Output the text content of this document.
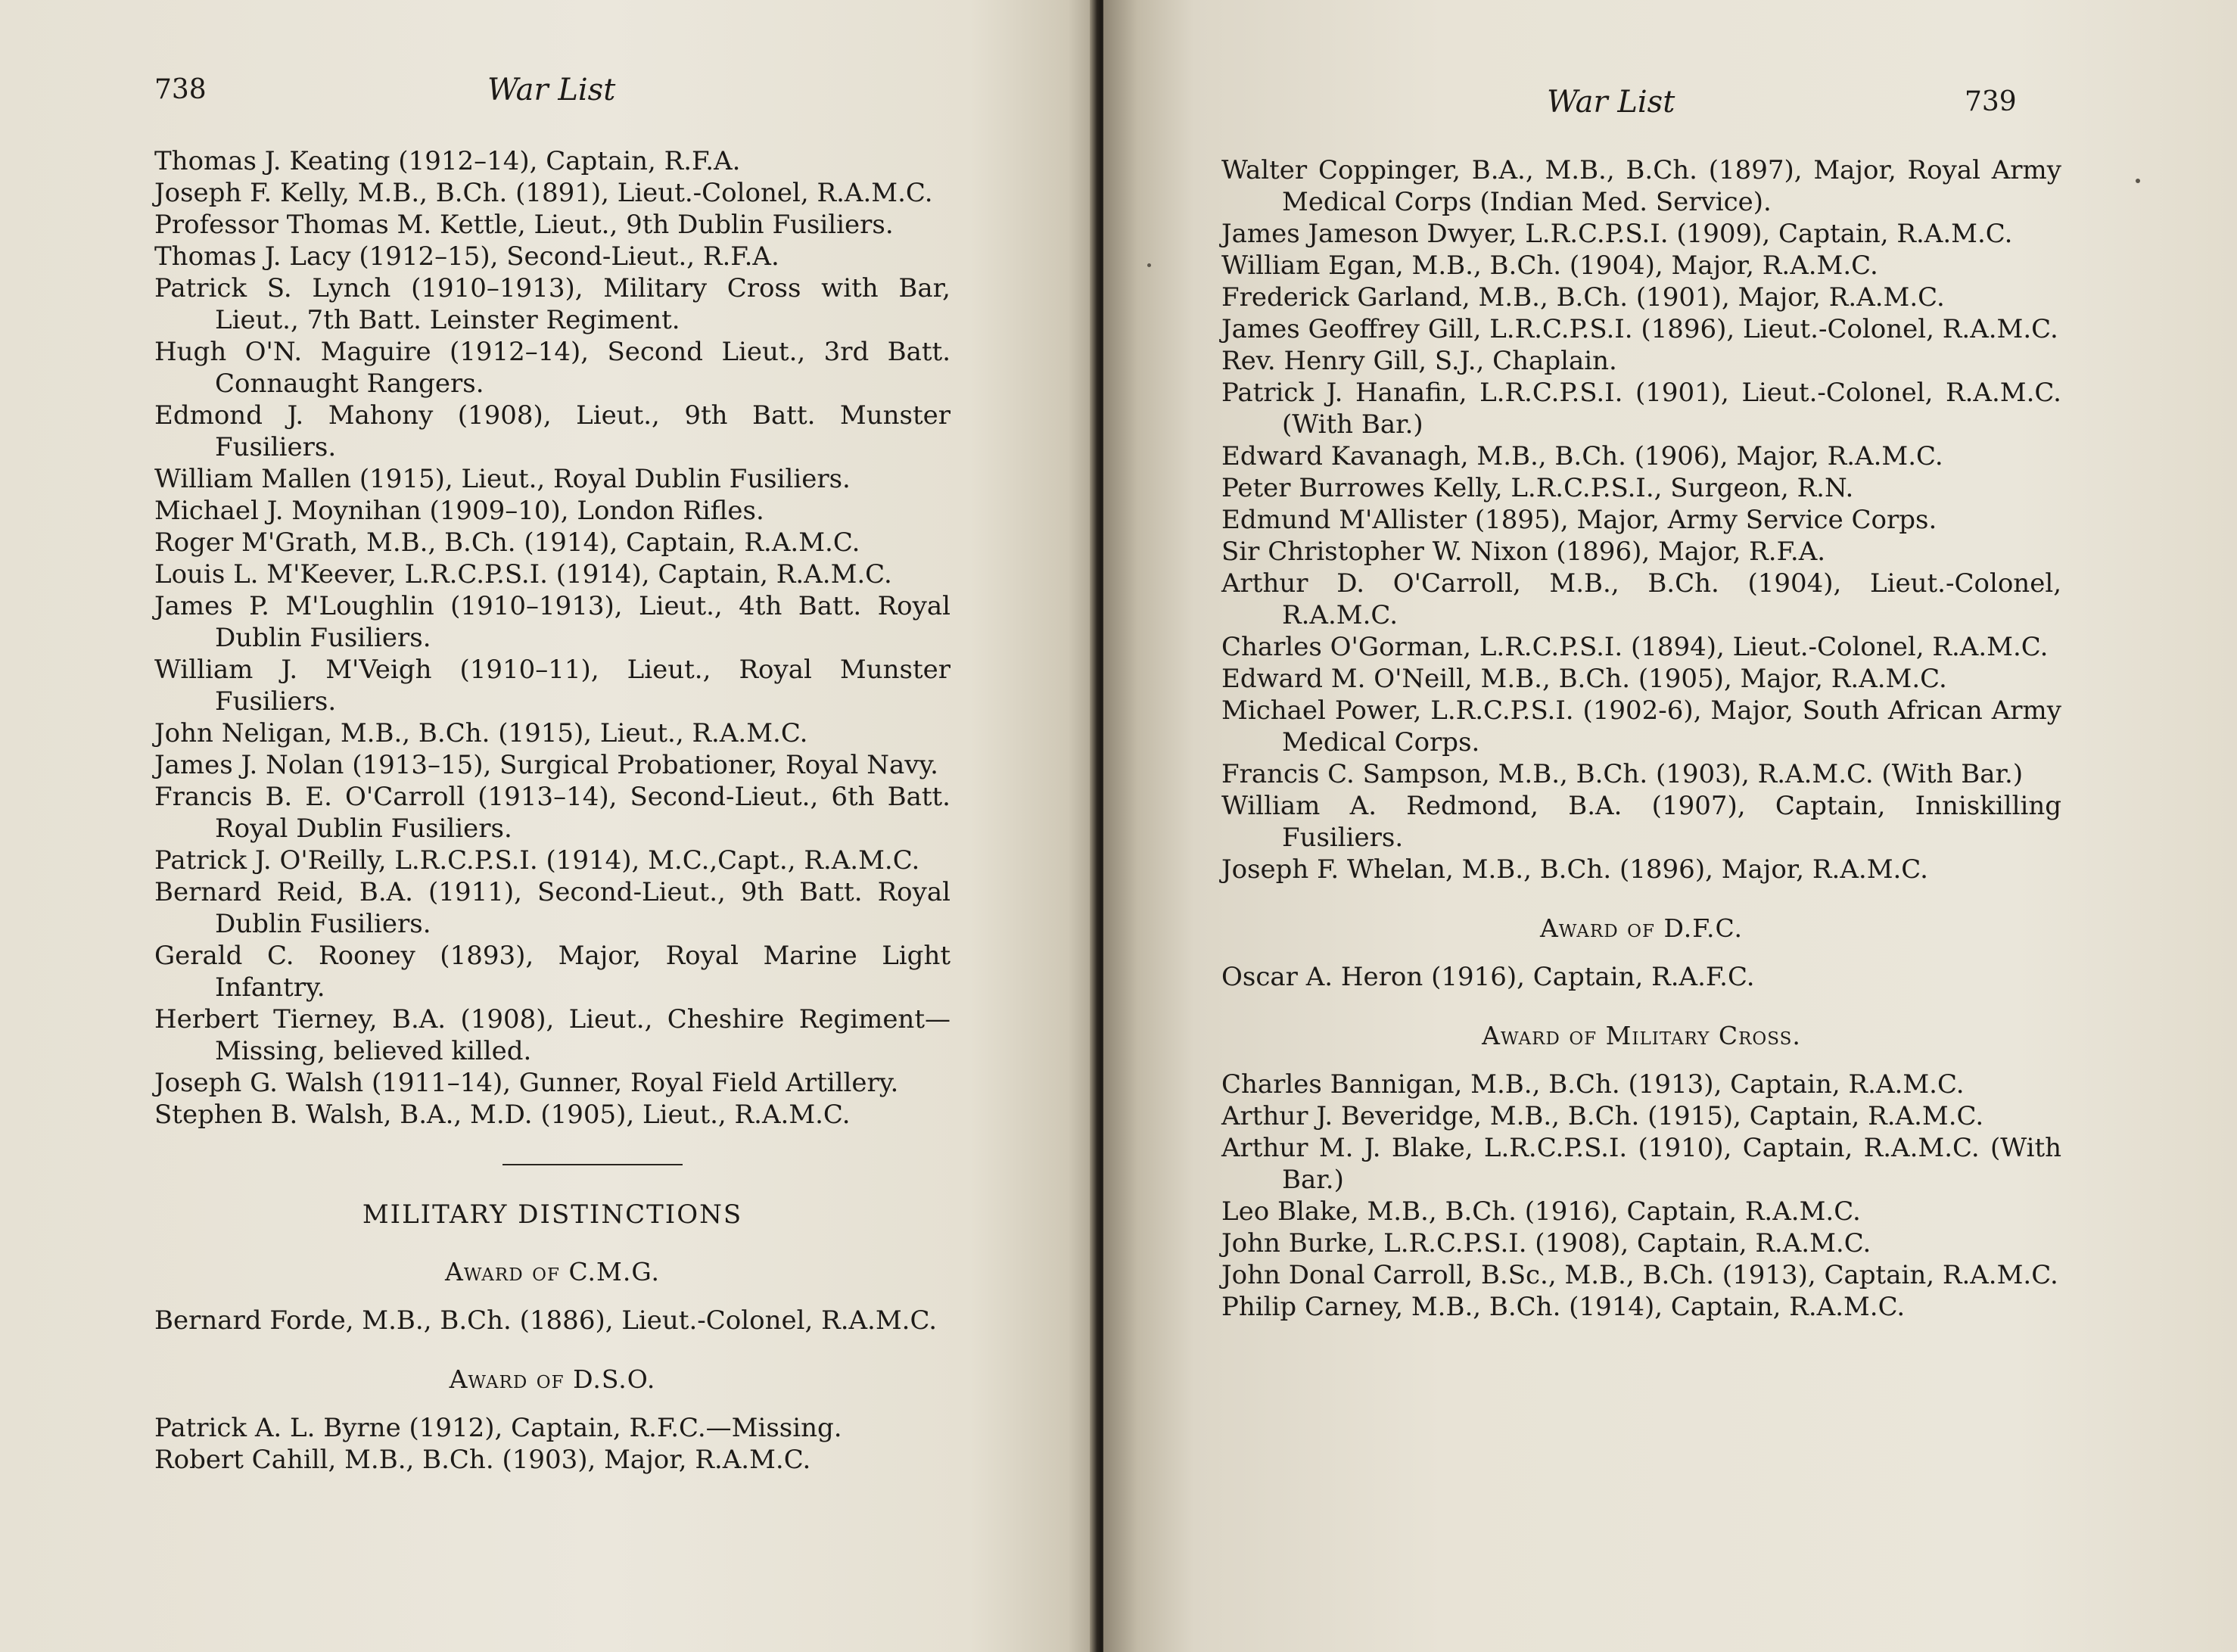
738	War List
Thomas J. Keating (1912–14), Captain, R.F.A.
Joseph F. Kelly, M.B., B.Ch. (1891), Lieut.-Colonel, R.A.M.C.
Professor Thomas M. Kettle, Lieut., 9th Dublin Fusiliers.
Thomas J. Lacy (1912–15), Second-Lieut., R.F.A.
Patrick S. Lynch (1910–1913), Military Cross with Bar, Lieut., 7th Batt. Leinster Regiment.
Hugh O'N. Maguire (1912–14), Second Lieut., 3rd Batt. Connaught Rangers.
Edmond J. Mahony (1908), Lieut., 9th Batt. Munster Fusiliers.
William Mallen (1915), Lieut., Royal Dublin Fusiliers.
Michael J. Moynihan (1909–10), London Rifles.
Roger M'Grath, M.B., B.Ch. (1914), Captain, R.A.M.C.
Louis L. M'Keever, L.R.C.P.S.I. (1914), Captain, R.A.M.C.
James P. M'Loughlin (1910–1913), Lieut., 4th Batt. Royal Dublin Fusiliers.
William J. M'Veigh (1910–11), Lieut., Royal Munster Fusiliers.
John Neligan, M.B., B.Ch. (1915), Lieut., R.A.M.C.
James J. Nolan (1913–15), Surgical Probationer, Royal Navy.
Francis B. E. O'Carroll (1913–14), Second-Lieut., 6th Batt. Royal Dublin Fusiliers.
Patrick J. O'Reilly, L.R.C.P.S.I. (1914), M.C.,Capt., R.A.M.C.
Bernard Reid, B.A. (1911), Second-Lieut., 9th Batt. Royal Dublin Fusiliers.
Gerald C. Rooney (1893), Major, Royal Marine Light Infantry.
Herbert Tierney, B.A. (1908), Lieut., Cheshire Regiment—Missing, believed killed.
Joseph G. Walsh (1911–14), Gunner, Royal Field Artillery.
Stephen B. Walsh, B.A., M.D. (1905), Lieut., R.A.M.C.
MILITARY DISTINCTIONS
Award of C.M.G.
Bernard Forde, M.B., B.Ch. (1886), Lieut.-Colonel, R.A.M.C.
Award of D.S.O.
Patrick A. L. Byrne (1912), Captain, R.F.C.—Missing.
Robert Cahill, M.B., B.Ch. (1903), Major, R.A.M.C.
War List	739
Walter Coppinger, B.A., M.B., B.Ch. (1897), Major, Royal Army Medical Corps (Indian Med. Service).
James Jameson Dwyer, L.R.C.P.S.I. (1909), Captain, R.A.M.C.
William Egan, M.B., B.Ch. (1904), Major, R.A.M.C.
Frederick Garland, M.B., B.Ch. (1901), Major, R.A.M.C.
James Geoffrey Gill, L.R.C.P.S.I. (1896), Lieut.-Colonel, R.A.M.C.
Rev. Henry Gill, S.J., Chaplain.
Patrick J. Hanafin, L.R.C.P.S.I. (1901), Lieut.-Colonel, R.A.M.C. (With Bar.)
Edward Kavanagh, M.B., B.Ch. (1906), Major, R.A.M.C.
Peter Burrowes Kelly, L.R.C.P.S.I., Surgeon, R.N.
Edmund M'Allister (1895), Major, Army Service Corps.
Sir Christopher W. Nixon (1896), Major, R.F.A.
Arthur D. O'Carroll, M.B., B.Ch. (1904), Lieut.-Colonel, R.A.M.C.
Charles O'Gorman, L.R.C.P.S.I. (1894), Lieut.-Colonel, R.A.M.C.
Edward M. O'Neill, M.B., B.Ch. (1905), Major, R.A.M.C.
Michael Power, L.R.C.P.S.I. (1902-6), Major, South African Army Medical Corps.
Francis C. Sampson, M.B., B.Ch. (1903), R.A.M.C. (With Bar.)
William A. Redmond, B.A. (1907), Captain, Inniskilling Fusiliers.
Joseph F. Whelan, M.B., B.Ch. (1896), Major, R.A.M.C.
Award of D.F.C.
Oscar A. Heron (1916), Captain, R.A.F.C.
Award of Military Cross.
Charles Bannigan, M.B., B.Ch. (1913), Captain, R.A.M.C.
Arthur J. Beveridge, M.B., B.Ch. (1915), Captain, R.A.M.C.
Arthur M. J. Blake, L.R.C.P.S.I. (1910), Captain, R.A.M.C. (With Bar.)
Leo Blake, M.B., B.Ch. (1916), Captain, R.A.M.C.
John Burke, L.R.C.P.S.I. (1908), Captain, R.A.M.C.
John Donal Carroll, B.Sc., M.B., B.Ch. (1913), Captain, R.A.M.C.
Philip Carney, M.B., B.Ch. (1914), Captain, R.A.M.C.
